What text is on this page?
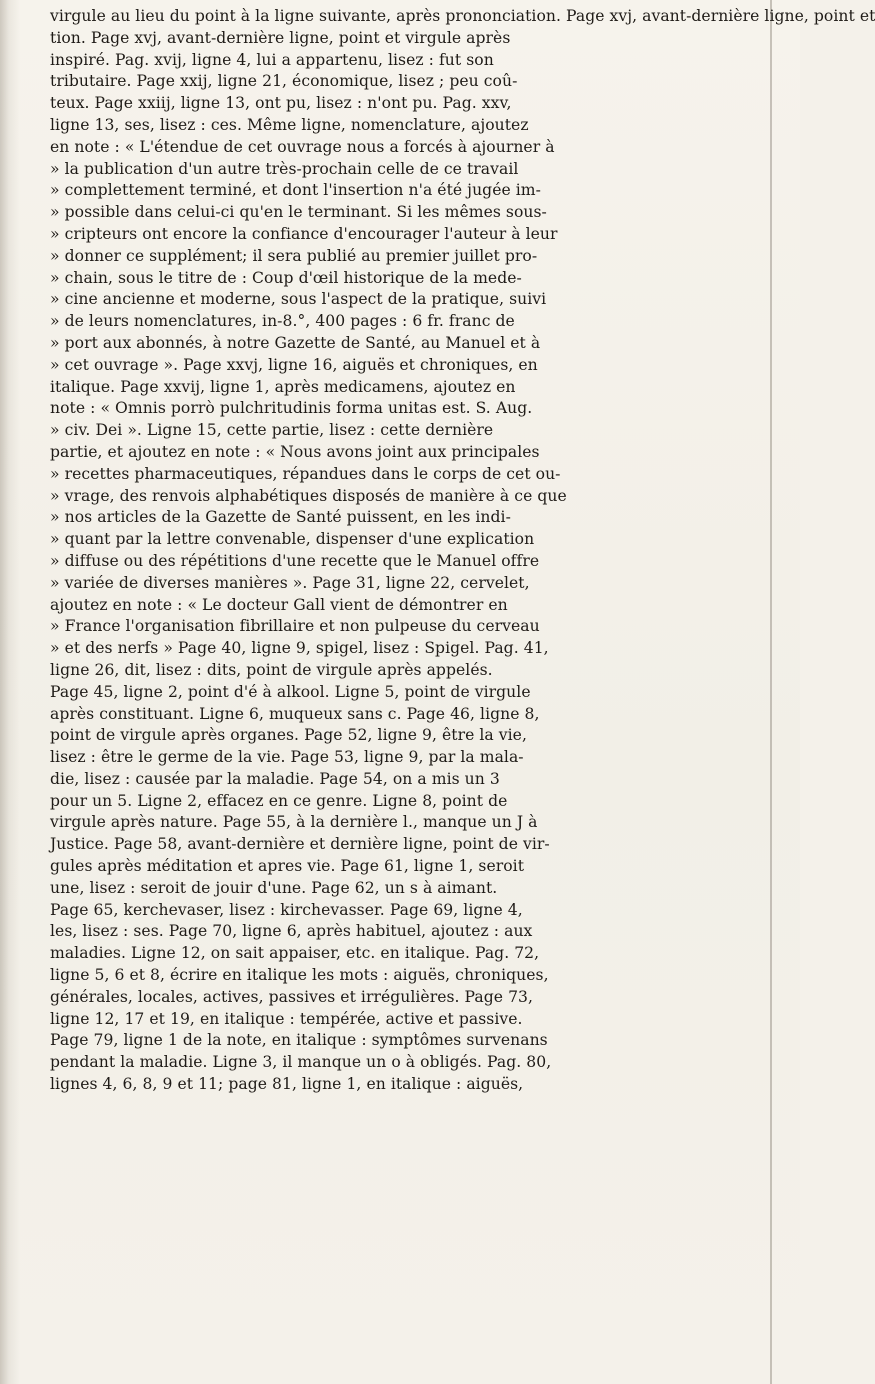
virgule au lieu du point à la ligne suivante, après prononciation. Page xvj, avant-dernière ligne, point et
tion. Page xvj, avant-dernière ligne, point et virgule après
inspiré. Pag. xvij, ligne 4, lui a appartenu, lisez : fut son
tributaire. Page xxij, ligne 21, économique, lisez ; peu coû-
teux. Page xxiij, ligne 13, ont pu, lisez : n'ont pu. Pag. xxv,
ligne 13, ses, lisez : ces. Même ligne, nomenclature, ajoutez
en note : « L'étendue de cet ouvrage nous a forcés à ajourner à
» la publication d'un autre très-prochain celle de ce travail
» complettement terminé, et dont l'insertion n'a été jugée im-
» possible dans celui-ci qu'en le terminant. Si les mêmes sous-
» cripteurs ont encore la confiance d'encourager l'auteur à leur
» donner ce supplément; il sera publié au premier juillet pro-
» chain, sous le titre de : Coup d'œil historique de la mede-
» cine ancienne et moderne, sous l'aspect de la pratique, suivi
» de leurs nomenclatures, in-8.°, 400 pages : 6 fr. franc de
» port aux abonnés, à notre Gazette de Santé, au Manuel et à
» cet ouvrage ». Page xxvj, ligne 16, aiguës et chroniques, en
italique. Page xxvij, ligne 1, après medicamens, ajoutez en
note : « Omnis porrò pulchritudinis forma unitas est. S. Aug.
» civ. Dei ». Ligne 15, cette partie, lisez : cette dernière
partie, et ajoutez en note : « Nous avons joint aux principales
» recettes pharmaceutiques, répandues dans le corps de cet ou-
» vrage, des renvois alphabétiques disposés de manière à ce que
» nos articles de la Gazette de Santé puissent, en les indi-
» quant par la lettre convenable, dispenser d'une explication
» diffuse ou des répétitions d'une recette que le Manuel offre
» variée de diverses manières ». Page 31, ligne 22, cervelet,
ajoutez en note : « Le docteur Gall vient de démontrer en
» France l'organisation fibrillaire et non pulpeuse du cerveau
» et des nerfs » Page 40, ligne 9, spigel, lisez : Spigel. Pag. 41,
ligne 26, dit, lisez : dits, point de virgule après appelés.
Page 45, ligne 2, point d'é à alkool. Ligne 5, point de virgule
après constituant. Ligne 6, muqueux sans c. Page 46, ligne 8,
point de virgule après organes. Page 52, ligne 9, être la vie,
lisez : être le germe de la vie. Page 53, ligne 9, par la mala-
die, lisez : causée par la maladie. Page 54, on a mis un 3
pour un 5. Ligne 2, effacez en ce genre. Ligne 8, point de
virgule après nature. Page 55, à la dernière l., manque un J à
Justice. Page 58, avant-dernière et dernière ligne, point de vir-
gules après méditation et apres vie. Page 61, ligne 1, seroit
une, lisez : seroit de jouir d'une. Page 62, un s à aimant.
Page 65, kerchevaser, lisez : kirchevasser. Page 69, ligne 4,
les, lisez : ses. Page 70, ligne 6, après habituel, ajoutez : aux
maladies. Ligne 12, on sait appaiser, etc. en italique. Pag. 72,
ligne 5, 6 et 8, écrire en italique les mots : aiguës, chroniques,
générales, locales, actives, passives et irrégulières. Page 73,
ligne 12, 17 et 19, en italique : tempérée, active et passive.
Page 79, ligne 1 de la note, en italique : symptômes survenans
pendant la maladie. Ligne 3, il manque un o à obligés. Pag. 80,
lignes 4, 6, 8, 9 et 11; page 81, ligne 1, en italique : aiguës,
